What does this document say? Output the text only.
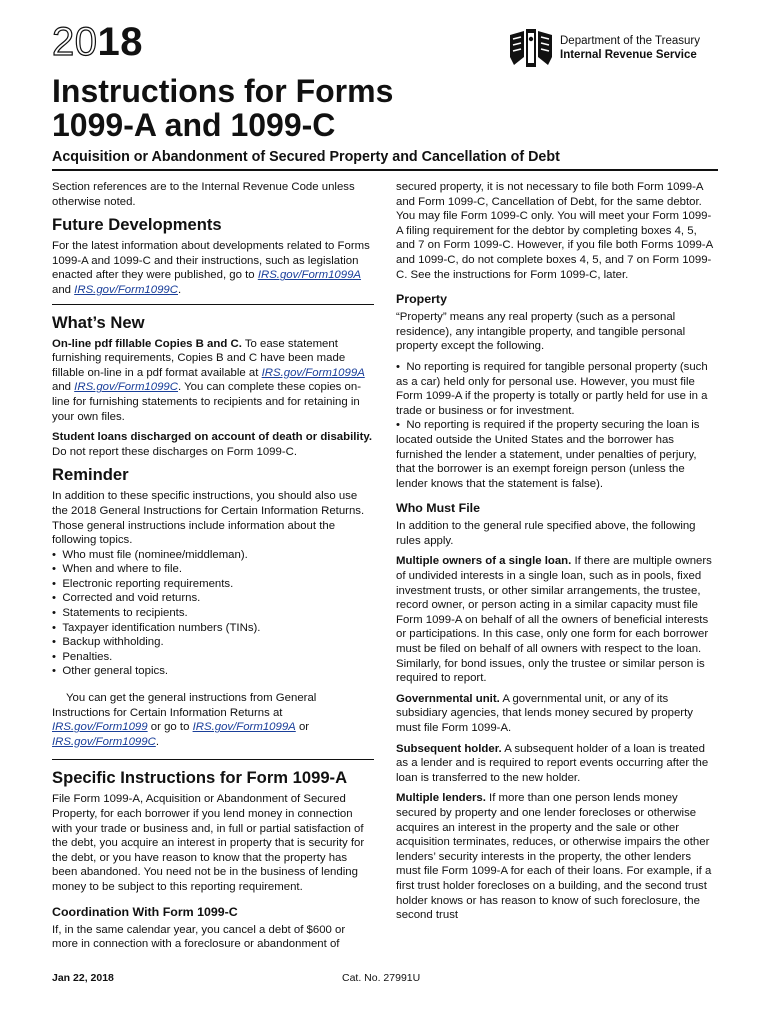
2018	Department of the Treasury
Internal Revenue Service
Instructions for Forms
1099-A and 1099-C
Acquisition or Abandonment of Secured Property and Cancellation of Debt

Section references are to the Internal Revenue Code unless otherwise noted.

Future Developments

For the latest information about developments related to Forms 1099-A and 1099-C and their instructions, such as legislation enacted after they were published, go to IRS.gov/Form1099A and IRS.gov/Form1099C.

What’s New

On-line pdf fillable Copies B and C. To ease statement furnishing requirements, Copies B and C have been made fillable on-line in a pdf format available at IRS.gov/Form1099A and IRS.gov/Form1099C. You can complete these copies on-line for furnishing statements to recipients and for retaining in your own files.

Student loans discharged on account of death or disability. Do not report these discharges on Form 1099-C.

Reminder

In addition to these specific instructions, you should also use the 2018 General Instructions for Certain Information Returns. Those general instructions include information about the following topics.

•  Who must file (nominee/middleman).
•  When and where to file.
•  Electronic reporting requirements.
•  Corrected and void returns.
•  Statements to recipients.
•  Taxpayer identification numbers (TINs).
•  Backup withholding.
•  Penalties.
•  Other general topics.

You can get the general instructions from General Instructions for Certain Information Returns at IRS.gov/Form1099 or go to IRS.gov/Form1099A or IRS.gov/Form1099C.

Specific Instructions for Form 1099-A

File Form 1099-A, Acquisition or Abandonment of Secured Property, for each borrower if you lend money in connection with your trade or business and, in full or partial satisfaction of the debt, you acquire an interest in property that is security for the debt, or you have reason to know that the property has been abandoned. You need not be in the business of lending money to be subject to this reporting requirement.

Coordination With Form 1099-C

If, in the same calendar year, you cancel a debt of $600 or more in connection with a foreclosure or abandonment of

secured property, it is not necessary to file both Form 1099-A and Form 1099-C, Cancellation of Debt, for the same debtor. You may file Form 1099-C only. You will meet your Form 1099-A filing requirement for the debtor by completing boxes 4, 5, and 7 on Form 1099-C. However, if you file both Forms 1099-A and 1099-C, do not complete boxes 4, 5, and 7 on Form 1099-C. See the instructions for Form 1099-C, later.

Property

“Property” means any real property (such as a personal residence), any intangible property, and tangible personal property except the following.

•  No reporting is required for tangible personal property (such as a car) held only for personal use. However, you must file Form 1099-A if the property is totally or partly held for use in a trade or business or for investment.
•  No reporting is required if the property securing the loan is located outside the United States and the borrower has furnished the lender a statement, under penalties of perjury, that the borrower is an exempt foreign person (unless the lender knows that the statement is false).
Who Must File

In addition to the general rule specified above, the following rules apply.

Multiple owners of a single loan. If there are multiple owners of undivided interests in a single loan, such as in pools, fixed investment trusts, or other similar arrangements, the trustee, record owner, or person acting in a similar capacity must file Form 1099-A on behalf of all the owners of beneficial interests or participations. In this case, only one form for each borrower must be filed on behalf of all owners with respect to the loan. Similarly, for bond issues, only the trustee or similar person is required to report.

Governmental unit. A governmental unit, or any of its subsidiary agencies, that lends money secured by property must file Form 1099-A.

Subsequent holder. A subsequent holder of a loan is treated as a lender and is required to report events occurring after the loan is transferred to the new holder.

Multiple lenders. If more than one person lends money secured by property and one lender forecloses or otherwise acquires an interest in the property and the sale or other acquisition terminates, reduces, or otherwise impairs the other lenders’ security interests in the property, the other lenders must file Form 1099-A for each of their loans. For example, if a first trust holder forecloses on a building, and the second trust holder knows or has reason to know of such foreclosure, the second trust

Jan 22, 2018	Cat. No. 27991U
